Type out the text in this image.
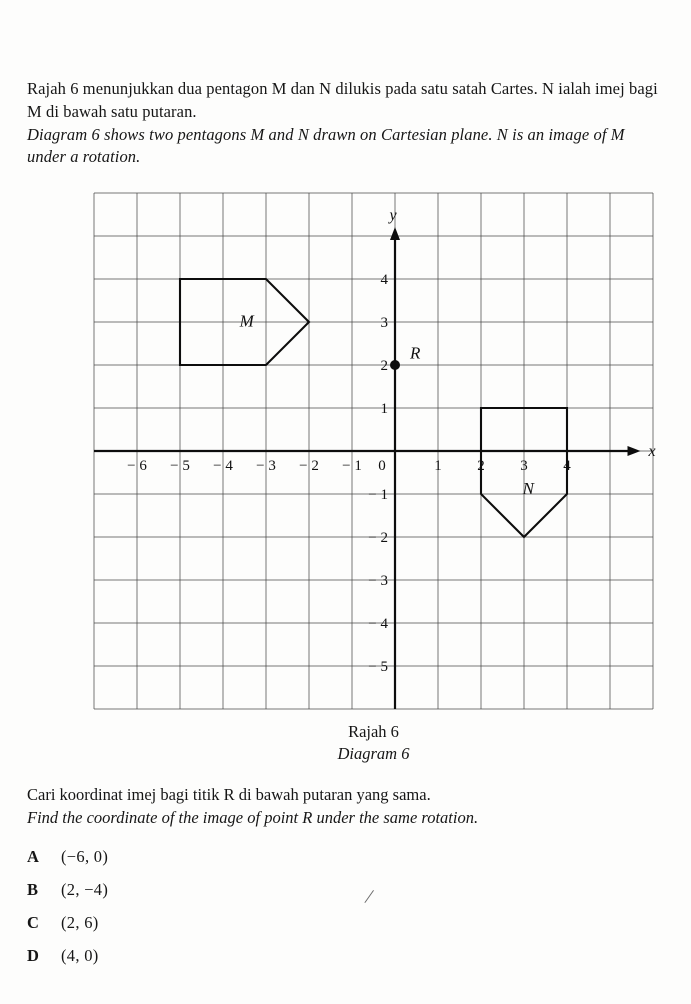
Rajah 6 menunjukkan dua pentagon M dan N dilukis pada satu satah Cartes. N ialah imej bagi M di bawah satu putaran.

Diagram 6 shows two pentagons M and N drawn on Cartesian plane. N is an image of M under a rotation.

x
y
− 6 − 5 − 4 − 3 − 2 − 1	1 2 3 4
4
3
2
1
− 1
− 2
− 3
− 4
− 5
0
M
N
R
Rajah 6
Diagram 6

Cari koordinat imej bagi titik R di bawah putaran yang sama.

Find the coordinate of the image of point R under the same rotation.

A	(−6, 0)
B	(2, −4)
C	(2, 6)
D	(4, 0)
/
